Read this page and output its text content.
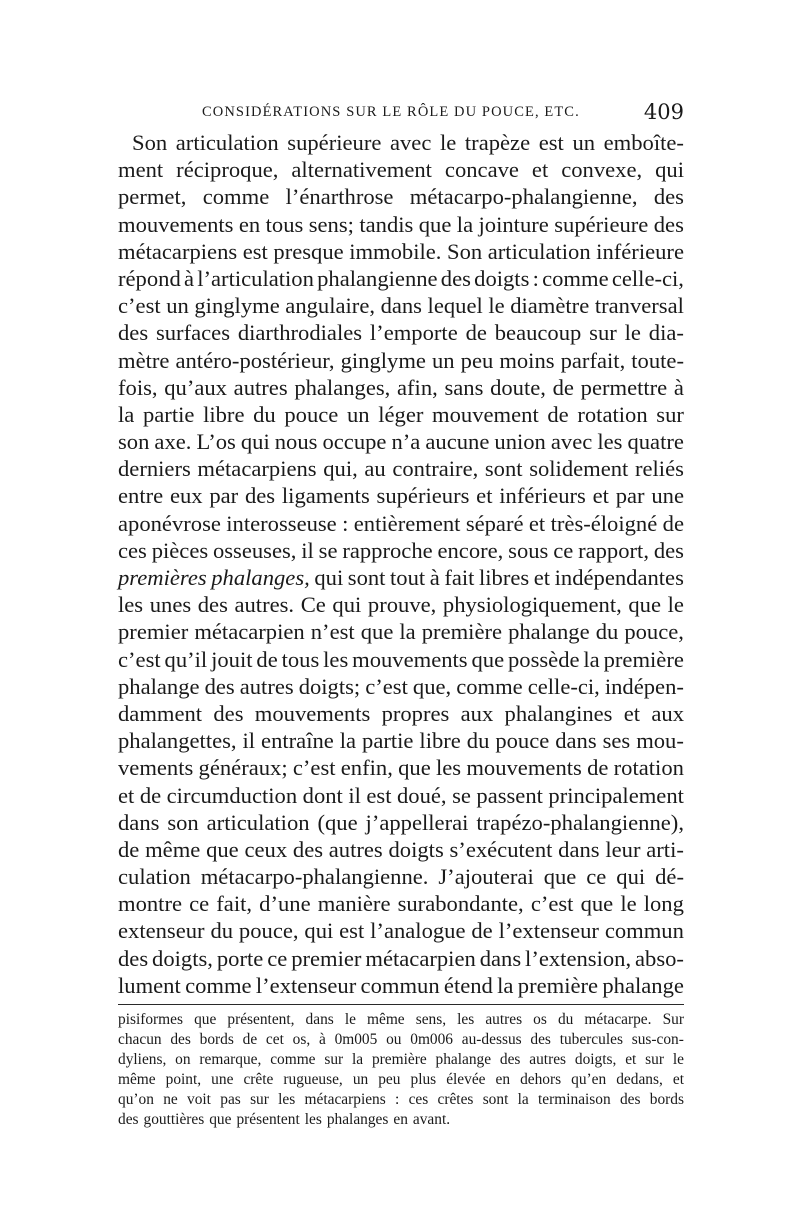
CONSIDÉRATIONS SUR LE RÔLE DU POUCE, ETC.	409
Son articulation supérieure avec le trapèze est un emboîte-
ment réciproque, alternativement concave et convexe, qui
permet, comme l’énarthrose métacarpo-phalangienne, des
mouvements en tous sens; tandis que la jointure supérieure des
métacarpiens est presque immobile. Son articulation inférieure
répond à l’articulation phalangienne des doigts : comme celle-ci,
c’est un ginglyme angulaire, dans lequel le diamètre tranversal
des surfaces diarthrodiales l’emporte de beaucoup sur le dia-
mètre antéro-postérieur, ginglyme un peu moins parfait, toute-
fois, qu’aux autres phalanges, afin, sans doute, de permettre à
la partie libre du pouce un léger mouvement de rotation sur
son axe. L’os qui nous occupe n’a aucune union avec les quatre
derniers métacarpiens qui, au contraire, sont solidement reliés
entre eux par des ligaments supérieurs et inférieurs et par une
aponévrose interosseuse : entièrement séparé et très-éloigné de
ces pièces osseuses, il se rapproche encore, sous ce rapport, des
premières phalanges, qui sont tout à fait libres et indépendantes
les unes des autres. Ce qui prouve, physiologiquement, que le
premier métacarpien n’est que la première phalange du pouce,
c’est qu’il jouit de tous les mouvements que possède la première
phalange des autres doigts; c’est que, comme celle-ci, indépen-
damment des mouvements propres aux phalangines et aux
phalangettes, il entraîne la partie libre du pouce dans ses mou-
vements généraux; c’est enfin, que les mouvements de rotation
et de circumduction dont il est doué, se passent principalement
dans son articulation (que j’appellerai trapézo-phalangienne),
de même que ceux des autres doigts s’exécutent dans leur arti-
culation métacarpo-phalangienne. J’ajouterai que ce qui dé-
montre ce fait, d’une manière surabondante, c’est que le long
extenseur du pouce, qui est l’analogue de l’extenseur commun
des doigts, porte ce premier métacarpien dans l’extension, abso-
lument comme l’extenseur commun étend la première phalange
pisiformes que présentent, dans le même sens, les autres os du métacarpe. Sur
chacun des bords de cet os, à 0m005 ou 0m006 au-dessus des tubercules sus-con-
dyliens, on remarque, comme sur la première phalange des autres doigts, et sur le
même point, une crête rugueuse, un peu plus élevée en dehors qu’en dedans, et
qu’on ne voit pas sur les métacarpiens : ces crêtes sont la terminaison des bords
des gouttières que présentent les phalanges en avant.
